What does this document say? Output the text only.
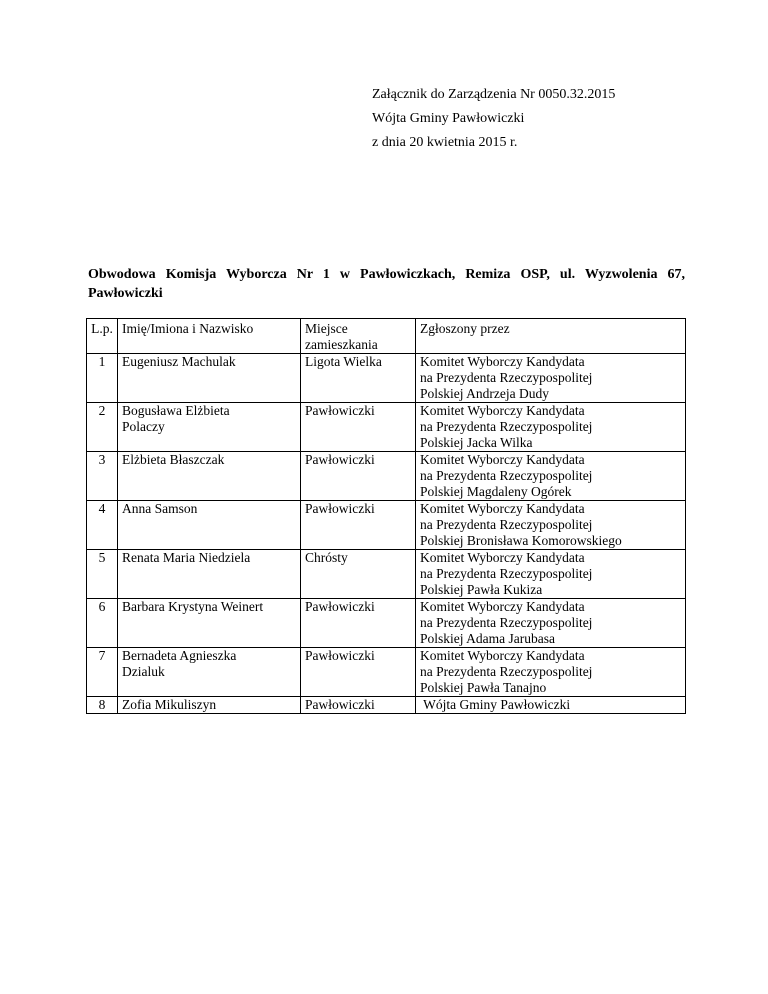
Załącznik do Zarządzenia Nr 0050.32.2015
Wójta Gminy Pawłowiczki
z dnia 20 kwietnia 2015 r.
Obwodowa Komisja Wyborcza Nr 1 w Pawłowiczkach, Remiza OSP, ul. Wyzwolenia 67, Pawłowiczki
L.p.	Imię/Imiona i Nazwisko	Miejsce
zamieszkania	Zgłoszony przez
1	Eugeniusz Machulak	Ligota Wielka	Komitet Wyborczy Kandydata
na Prezydenta Rzeczypospolitej
Polskiej Andrzeja Dudy

2	Bogusława Elżbieta
Polaczy	Pawłowiczki	Komitet Wyborczy Kandydata
na Prezydenta Rzeczypospolitej
Polskiej Jacka Wilka

3	Elżbieta Błaszczak	Pawłowiczki	Komitet Wyborczy Kandydata
na Prezydenta Rzeczypospolitej
Polskiej Magdaleny Ogórek

4	Anna Samson	Pawłowiczki	Komitet Wyborczy Kandydata
na Prezydenta Rzeczypospolitej
Polskiej Bronisława Komorowskiego

5	Renata Maria Niedziela	Chrósty	Komitet Wyborczy Kandydata
na Prezydenta Rzeczypospolitej
Polskiej Pawła Kukiza

6	Barbara Krystyna Weinert	Pawłowiczki	Komitet Wyborczy Kandydata
na Prezydenta Rzeczypospolitej
Polskiej Adama Jarubasa

7	Bernadeta Agnieszka
Dzialuk	Pawłowiczki	Komitet Wyborczy Kandydata
na Prezydenta Rzeczypospolitej
Polskiej Pawła Tanajno

8	Zofia Mikuliszyn	Pawłowiczki	Wójta Gminy Pawłowiczki
